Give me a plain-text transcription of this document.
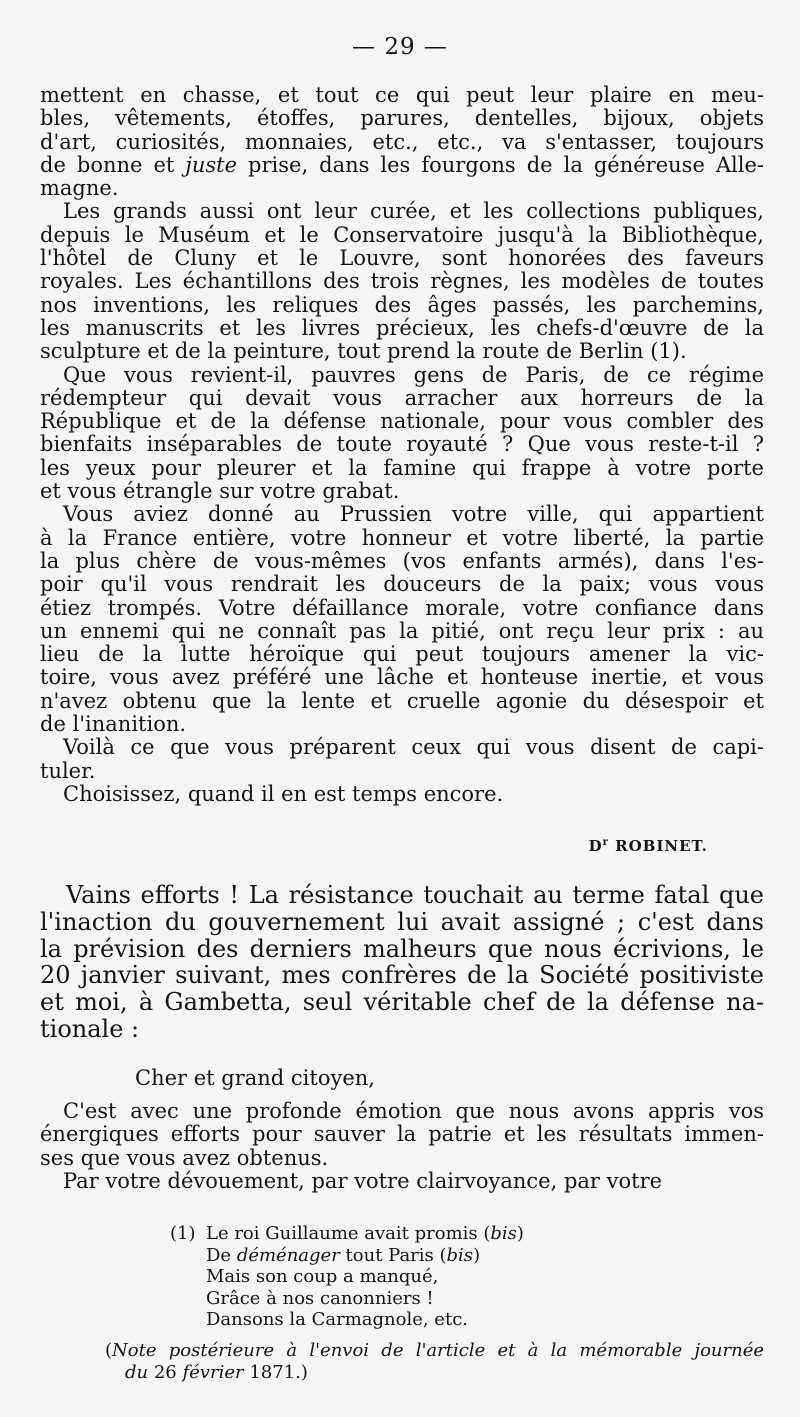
— 29 —
mettent en chasse, et tout ce qui peut leur plaire en meu-
bles, vêtements, étoffes, parures, dentelles, bijoux, objets
d'art, curiosités, monnaies, etc., etc., va s'entasser, toujours
de bonne et juste prise, dans les fourgons de la généreuse Alle-
magne.
Les grands aussi ont leur curée, et les collections publiques,
depuis le Muséum et le Conservatoire jusqu'à la Bibliothèque,
l'hôtel de Cluny et le Louvre, sont honorées des faveurs
royales. Les échantillons des trois règnes, les modèles de toutes
nos inventions, les reliques des âges passés, les parchemins,
les manuscrits et les livres précieux, les chefs-d'œuvre de la
sculpture et de la peinture, tout prend la route de Berlin (1).
Que vous revient-il, pauvres gens de Paris, de ce régime
rédempteur qui devait vous arracher aux horreurs de la
République et de la défense nationale, pour vous combler des
bienfaits inséparables de toute royauté ? Que vous reste-t-il ?
les yeux pour pleurer et la famine qui frappe à votre porte
et vous étrangle sur votre grabat.
Vous aviez donné au Prussien votre ville, qui appartient
à la France entière, votre honneur et votre liberté, la partie
la plus chère de vous-mêmes (vos enfants armés), dans l'es-
poir qu'il vous rendrait les douceurs de la paix; vous vous
étiez trompés. Votre défaillance morale, votre confiance dans
un ennemi qui ne connaît pas la pitié, ont reçu leur prix : au
lieu de la lutte héroïque qui peut toujours amener la vic-
toire, vous avez préféré une lâche et honteuse inertie, et vous
n'avez obtenu que la lente et cruelle agonie du désespoir et
de l'inanition.
Voilà ce que vous préparent ceux qui vous disent de capi-
tuler.
Choisissez, quand il en est temps encore.
$D^r$ ROBINET.
Vains efforts ! La résistance touchait au terme fatal que
l'inaction du gouvernement lui avait assigné ; c'est dans
la prévision des derniers malheurs que nous écrivions, le
20 janvier suivant, mes confrères de la Société positiviste
et moi, à Gambetta, seul véritable chef de la défense na-
tionale :
Cher et grand citoyen,
C'est avec une profonde émotion que nous avons appris vos
énergiques efforts pour sauver la patrie et les résultats immen-
ses que vous avez obtenus.
Par votre dévouement, par votre clairvoyance, par votre
(1) Le roi Guillaume avait promis (bis)
De déménager tout Paris (bis)
Mais son coup a manqué,
Grâce à nos canonniers !
Dansons la Carmagnole, etc.
(Note postérieure à l'envoi de l'article et à la mémorable journée
du 26 février 1871.)
